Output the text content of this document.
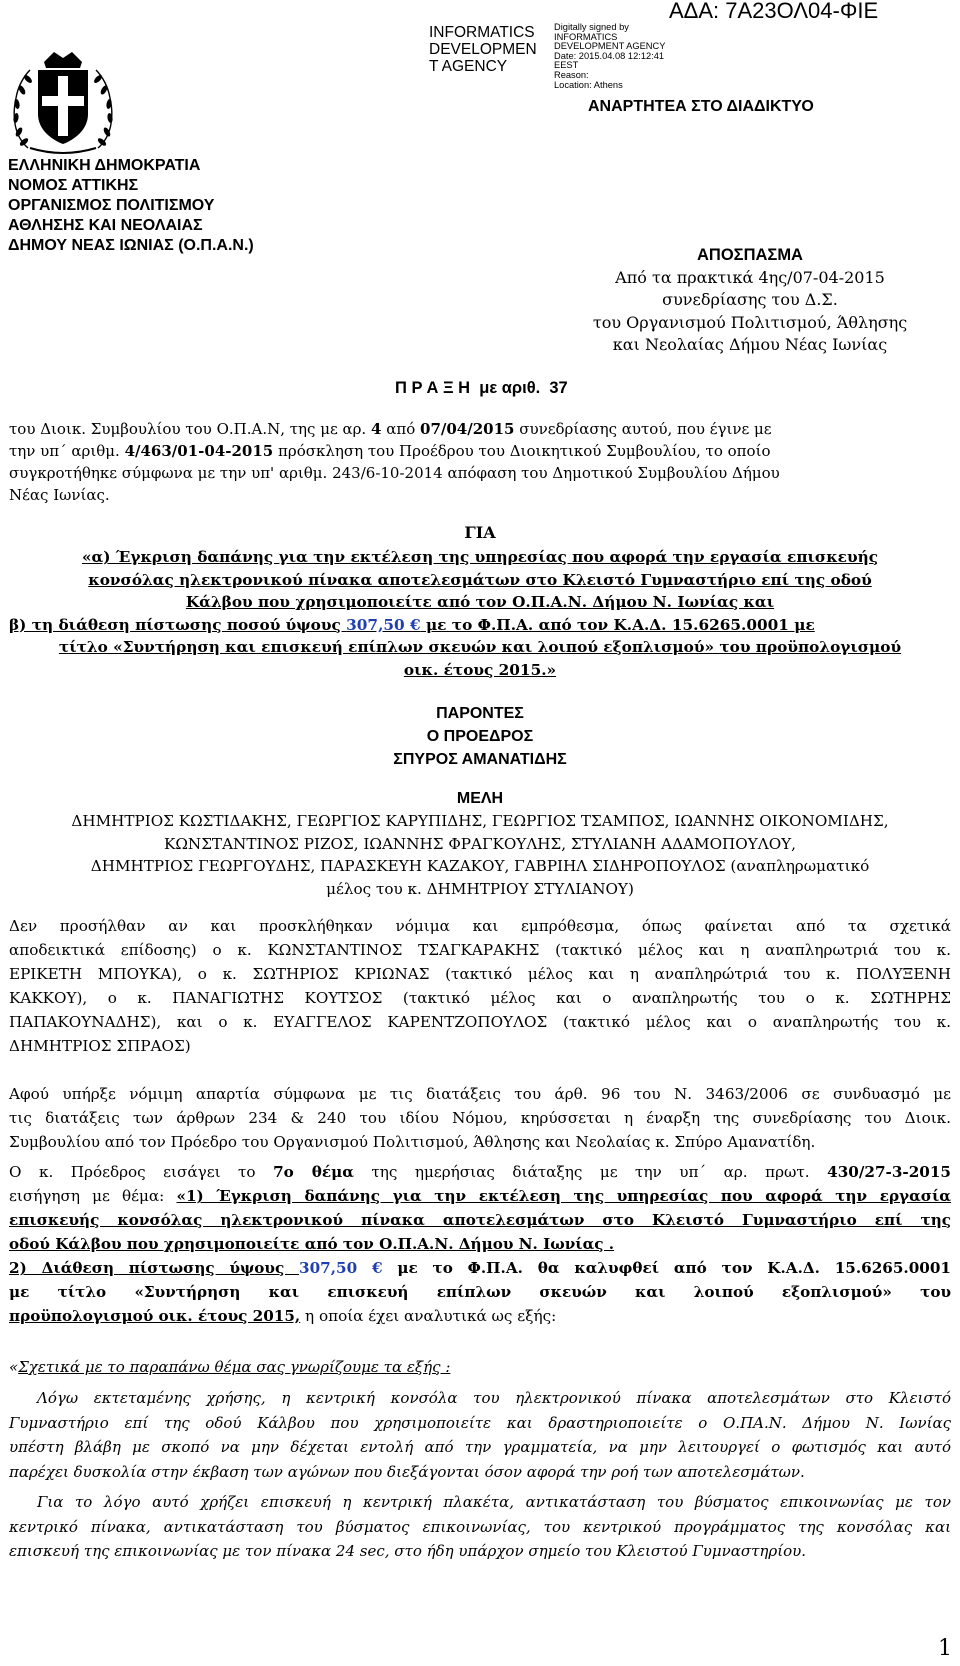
ΑΔΑ: 7Α23ΟΛ04-ΦΙΕ
INFORMATICS
DEVELOPMEN
T AGENCY
Digitally signed by
INFORMATICS
DEVELOPMENT AGENCY
Date: 2015.04.08 12:12:41
EEST
Reason:
Location: Athens
ΑΝΑΡΤΗΤΕΑ ΣΤΟ ΔΙΑΔΙΚΤΥΟ
ΕΛΛΗΝΙΚΗ ΔΗΜΟΚΡΑΤΙΑ
ΝΟΜΟΣ ΑΤΤΙΚΗΣ
ΟΡΓΑΝΙΣΜΟΣ ΠΟΛΙΤΙΣΜΟΥ
ΑΘΛΗΣΗΣ ΚΑΙ ΝΕΟΛΑΙΑΣ
ΔΗΜΟΥ ΝΕΑΣ ΙΩΝΙΑΣ (Ο.Π.Α.Ν.)
ΑΠΟΣΠΑΣΜΑ
Από τα πρακτικά 4ης/07-04-2015
συνεδρίασης του Δ.Σ.
του Οργανισμού Πολιτισμού, Άθλησης
και Νεολαίας Δήμου Νέας Ιωνίας
Π Ρ Α Ξ Η  με αριθ.  37
του Διοικ. Συμβουλίου του Ο.Π.Α.Ν, της με αρ. 4 από 07/04/2015 συνεδρίασης αυτού, που έγινε με
την υπ΄ αριθμ. 4/463/01-04-2015 πρόσκληση του Προέδρου του Διοικητικού Συμβουλίου, το οποίο
συγκροτήθηκε σύμφωνα με την υπ' αριθμ. 243/6-10-2014 απόφαση του Δημοτικού Συμβουλίου Δήμου
Νέας Ιωνίας.
ΓΙΑ
«α) Έγκριση δαπάνης για την εκτέλεση της υπηρεσίας που αφορά την εργασία επισκευής
κονσόλας ηλεκτρονικού πίνακα αποτελεσμάτων στο Κλειστό Γυμναστήριο επί της οδού
Κάλβου που χρησιμοποιείτε από τον Ο.Π.Α.Ν. Δήμου Ν. Ιωνίας και
β) τη διάθεση πίστωσης ποσού ύψους 307,50 € με το Φ.Π.Α. από τον Κ.Α.Δ. 15.6265.0001 με
τίτλο «Συντήρηση και επισκευή επίπλων σκευών και λοιπού εξοπλισμού» του προϋπολογισμού
οικ. έτους 2015.»
ΠΑΡΟΝΤΕΣ
Ο ΠΡΟΕΔΡΟΣ
ΣΠΥΡΟΣ ΑΜΑΝΑΤΙΔΗΣ
ΜΕΛΗ
ΔΗΜΗΤΡΙΟΣ ΚΩΣΤΙΔΑΚΗΣ, ΓΕΩΡΓΙΟΣ ΚΑΡΥΠΙΔΗΣ, ΓΕΩΡΓΙΟΣ ΤΣΑΜΠΟΣ, ΙΩΑΝΝΗΣ ΟΙΚΟΝΟΜΙΔΗΣ,
ΚΩΝΣΤΑΝΤΙΝΟΣ ΡΙΖΟΣ, ΙΩΑΝΝΗΣ ΦΡΑΓΚΟΥΛΗΣ, ΣΤΥΛΙΑΝΗ ΑΔΑΜΟΠΟΥΛΟΥ,
ΔΗΜΗΤΡΙΟΣ ΓΕΩΡΓΟΥΔΗΣ, ΠΑΡΑΣΚΕΥΗ ΚΑΖΑΚΟΥ, ΓΑΒΡΙΗΛ ΣΙΔΗΡΟΠΟΥΛΟΣ (αναπληρωματικό
μέλος του κ. ΔΗΜΗΤΡΙΟΥ ΣΤΥΛΙΑΝΟΥ)
Δεν προσήλθαν αν και προσκλήθηκαν νόμιμα και εμπρόθεσμα, όπως φαίνεται από τα σχετικά
αποδεικτικά επίδοσης) ο κ. ΚΩΝΣΤΑΝΤΙΝΟΣ ΤΣΑΓΚΑΡΑΚΗΣ (τακτικό μέλος και η αναπληρωτριά του κ.
ΕΡΙΚΕΤΗ ΜΠΟΥΚΑ), ο κ. ΣΩΤΗΡΙΟΣ ΚΡΙΩΝΑΣ (τακτικό μέλος και η αναπληρώτριά του κ. ΠΟΛΥΞΕΝΗ
ΚΑΚΚΟΥ), ο κ. ΠΑΝΑΓΙΩΤΗΣ ΚΟΥΤΣΟΣ (τακτικό μέλος και ο αναπληρωτής του ο κ. ΣΩΤΗΡΗΣ
ΠΑΠΑΚΟΥΝΑΔΗΣ), και ο κ. ΕΥΑΓΓΕΛΟΣ ΚΑΡΕΝΤΖΟΠΟΥΛΟΣ (τακτικό μέλος και ο αναπληρωτής του κ.
ΔΗΜΗΤΡΙΟΣ ΣΠΡΑΟΣ)
Αφού υπήρξε νόμιμη απαρτία σύμφωνα με τις διατάξεις του άρθ. 96 του Ν. 3463/2006 σε συνδυασμό με
τις διατάξεις των άρθρων 234 & 240 του ιδίου Νόμου, κηρύσσεται η έναρξη της συνεδρίασης του Διοικ.
Συμβουλίου από τον Πρόεδρο του Οργανισμού Πολιτισμού, Άθλησης και Νεολαίας κ. Σπύρο Αμανατίδη.
Ο κ. Πρόεδρος εισάγει το 7ο θέμα της ημερήσιας διάταξης με την υπ΄ αρ. πρωτ. 430/27-3-2015
εισήγηση με θέμα: «1) Έγκριση δαπάνης για την εκτέλεση της υπηρεσίας που αφορά την εργασία
επισκευής κονσόλας ηλεκτρονικού πίνακα αποτελεσμάτων στο Κλειστό Γυμναστήριο επί της
οδού Κάλβου που χρησιμοποιείτε από τον Ο.Π.Α.Ν. Δήμου Ν. Ιωνίας .
2) Διάθεση πίστωσης ύψους 307,50 € με το Φ.Π.Α. θα καλυφθεί από τον Κ.Α.Δ. 15.6265.0001
με τίτλο «Συντήρηση και επισκευή επίπλων σκευών και λοιπού εξοπλισμού» του
προϋπολογισμού οικ. έτους 2015, η οποία έχει αναλυτικά ως εξής:
«Σχετικά με το παραπάνω θέμα σας γνωρίζουμε τα εξής :
Λόγω εκτεταμένης χρήσης, η κεντρική κονσόλα του ηλεκτρονικού πίνακα αποτελεσμάτων στο Κλειστό
Γυμναστήριο επί της οδού Κάλβου που χρησιμοποιείτε και δραστηριοποιείτε ο Ο.ΠΑ.Ν. Δήμου Ν. Ιωνίας
υπέστη βλάβη με σκοπό να μην δέχεται εντολή από την γραμματεία, να μην λειτουργεί ο φωτισμός και αυτό
παρέχει δυσκολία στην έκβαση των αγώνων που διεξάγονται όσον αφορά την ροή των αποτελεσμάτων.
Για το λόγο αυτό χρήζει επισκευή η κεντρική πλακέτα, αντικατάσταση του βύσματος επικοινωνίας με τον
κεντρικό πίνακα, αντικατάσταση του βύσματος επικοινωνίας, του κεντρικού προγράμματος της κονσόλας και
επισκευή της επικοινωνίας με τον πίνακα 24 sec, στο ήδη υπάρχον σημείο του Κλειστού Γυμναστηρίου.
1
